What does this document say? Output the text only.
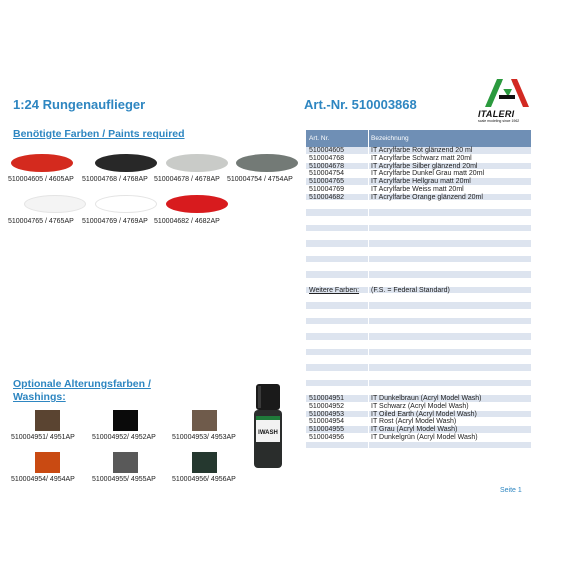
1:24 Rungenauflieger	Art.-Nr. 510003868
ITALERI
scale modeling since 1962
Benötigte Farben / Paints required
510004605 / 4605AP 510004768 / 4768AP 510004678 / 4678AP 510004754 / 4754AP
510004765 / 4765AP 510004769 / 4769AP 510004682 / 4682AP
Optionale Alterungsfarben /
Washings:
510004951/ 4951AP 510004952/ 4952AP 510004953/ 4953AP
510004954/ 4954AP 510004955/ 4955AP 510004956/ 4956AP
IWASH
Art. Nr.	Bezeichnung
510004605	IT Acrylfarbe Rot glänzend 20 ml
510004768	IT Acrylfarbe Schwarz matt 20ml
510004678	IT Acrylfarbe Silber glänzend 20ml
510004754	IT Acrylfarbe Dunkel Grau matt 20ml
510004765	IT Acrylfarbe Hellgrau matt 20ml
510004769	IT Acrylfarbe Weiss matt 20ml
510004682	IT Acrylfarbe Orange glänzend 20ml
Weitere Farben:	(F.S. = Federal Standard)
510004951	IT Dunkelbraun (Acryl Model Wash)
510004952	IT Schwarz (Acryl Model Wash)
510004953	IT Oiled Earth (Acryl Model Wash)
510004954	IT Rost (Acryl Model Wash)
510004955	IT Grau (Acryl Model Wash)
510004956	IT Dunkelgrün (Acryl Model Wash)
Seite 1
